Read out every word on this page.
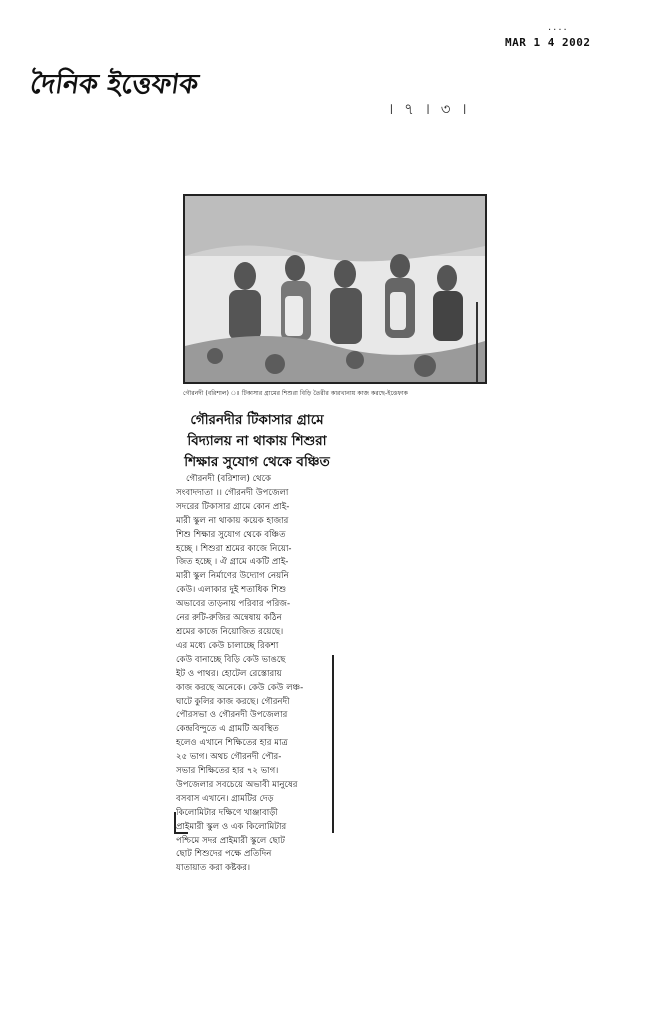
....
MAR 1 4 2002
দৈনিক ইত্তেফাক
। ৭ । ৩ ।
গৌরনদী (বরিশাল) ঃ টিকাসার গ্রামের শিশুরা বিড়ি তৈরীর কারখানায় কাজ করছে-ইত্তেফাক
গৌরনদীর টিকাসার গ্রামে
বিদ্যালয় না থাকায় শিশুরা
শিক্ষার সুযোগ থেকে বঞ্চিত
গৌরনদী (বরিশাল) থেকে
সংবাদদাতা ।। গৌরনদী উপজেলা
সদরের টিকাসার গ্রামে কোন প্রাই-
মারী স্কুল না থাকায় কয়েক হাজার
শিশু শিক্ষার সুযোগ থেকে বঞ্চিত
হচ্ছে । শিশুরা শ্রমের কাজে নিয়ো-
জিত হচ্ছে । ঐ গ্রামে একটি প্রাই-
মারী স্কুল নির্মাণের উদ্যোগ নেয়নি
কেউ। এলাকার দুই শতাধিক শিশু
অভাবের তাড়নায় পরিবার পরিজ-
নের রুটি-রুজির অন্বেষায় কঠিন
শ্রমের কাজে নিয়োজিত রয়েছে।
এর মধ্যে কেউ চালাচ্ছে রিকশা
কেউ বানাচ্ছে বিড়ি কেউ ভাঙছে
ইট ও পাথর। হোটেল রেস্তোরায়
কাজ করছে অনেকে। কেউ কেউ লঞ্চ-
ঘাটে কুলির কাজ করছে। গৌরনদী
পৌরসভা ও গৌরনদী উপজেলার
কেন্দ্রবিন্দুতে এ গ্রামটি অবস্থিত
হলেও এখানে শিক্ষিতের হার মাত্র
২৫ ভাগ। অথচ গৌরনদী পৌর-
সভার শিক্ষিতের হার ৭২ ভাগ।
উপজেলার সবচেয়ে অভাবী মানুষের
বসবাস এখানে। গ্রামটির দেড়
কিলোমিটার দক্ষিণে খাঞ্জাবাড়ী
প্রাইমারী স্কুল ও এক কিলোমিটার
পশ্চিমে সদর প্রাইমারী স্কুলে ছোট
ছোট শিশুদের পক্ষে প্রতিদিন
যাতায়াত করা কষ্টকর।
